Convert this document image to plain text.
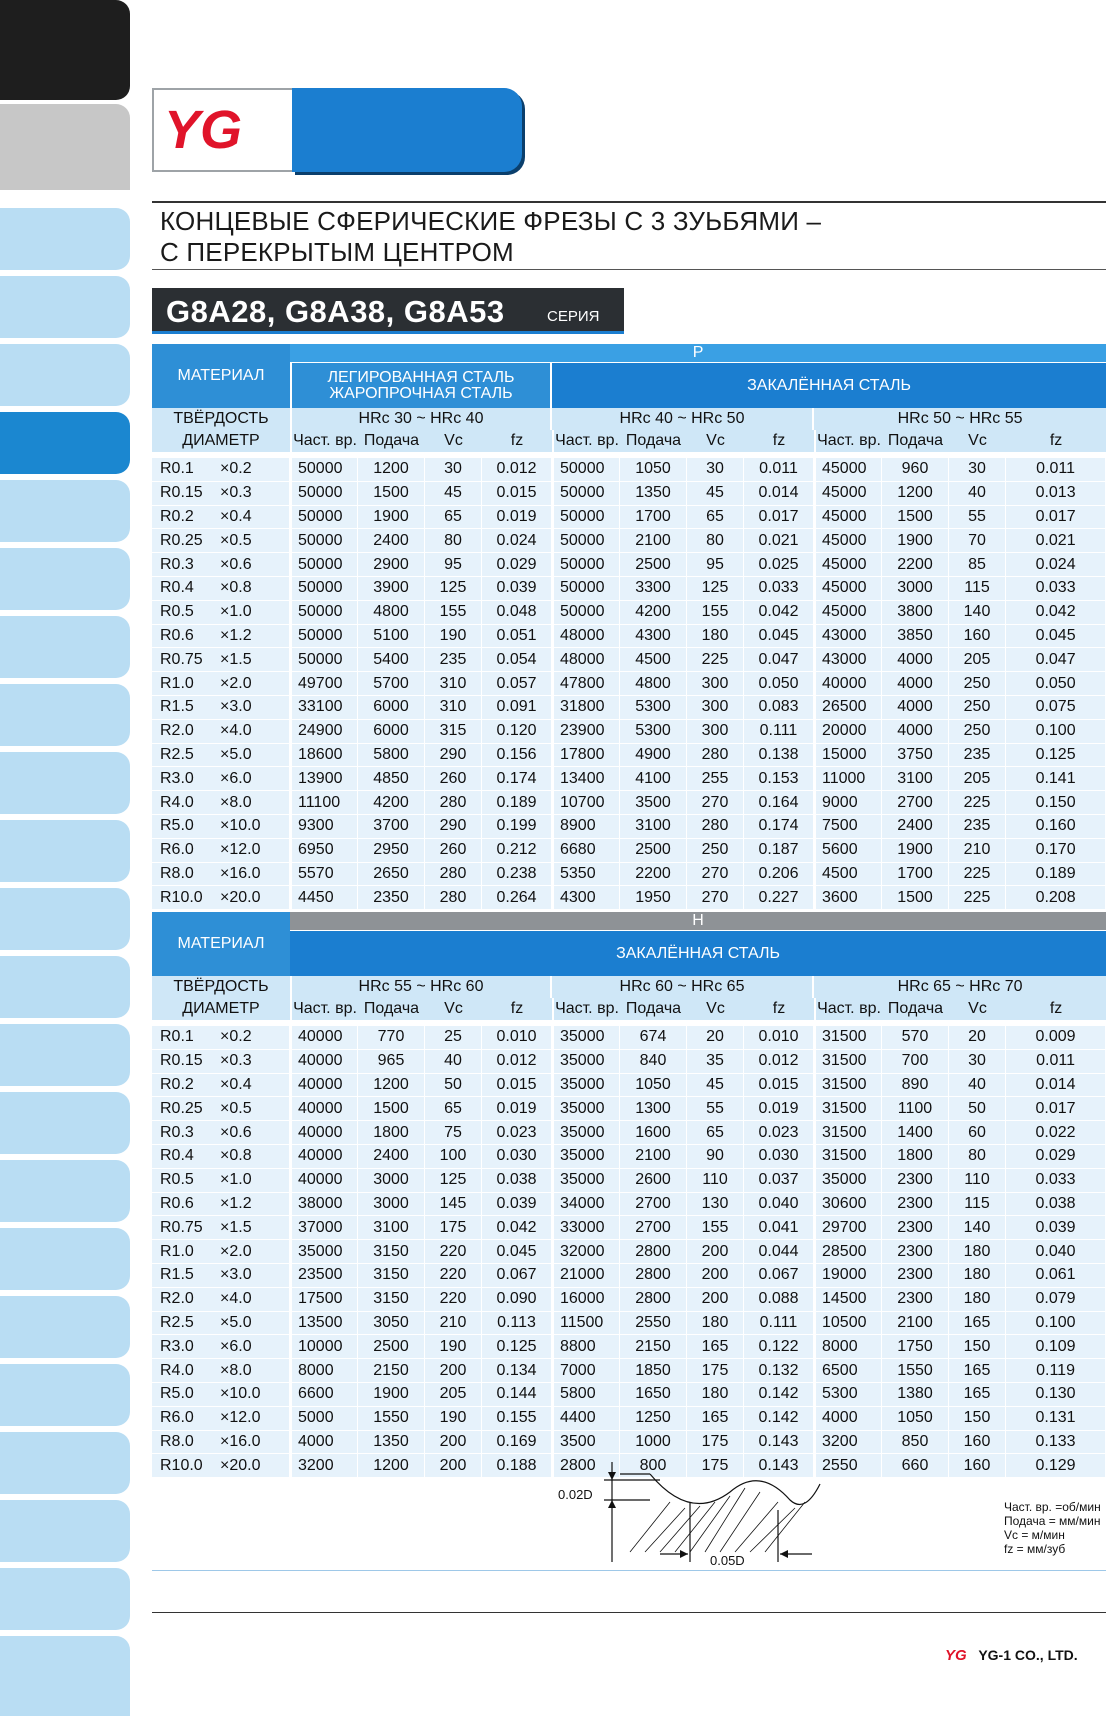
YG
КОНЦЕВЫЕ СФЕРИЧЕСКИЕ ФРЕЗЫ С 3 ЗУЬБЯМИ –
С ПЕРЕКРЫТЫМ ЦЕНТРОМ
G8A28, G8A38, G8A53	СЕРИЯ
МАТЕРИАЛ	P											
	ЛЕГИРОВАННАЯ СТАЛЬ
ЖАРОПРОЧНАЯ СТАЛЬ				ЗАКАЛЁННАЯ СТАЛЬ							
ТВЁРДОСТЬ	HRc 30 ~ HRc 40				HRc 40 ~ HRc 50				HRc 50 ~ HRc 55			
ДИАМЕТР	Част. вр.	Подача	Vc	fz	Част. вр.	Подача	Vc	fz	Част. вр.	Подача	Vc	fz

R0.1 ×0.2	50000	1200	30	0.012	50000	1050	30	0.011	45000	960	30	0.011
R0.15 ×0.3	50000	1500	45	0.015	50000	1350	45	0.014	45000	1200	40	0.013
R0.2 ×0.4	50000	1900	65	0.019	50000	1700	65	0.017	45000	1500	55	0.017
R0.25 ×0.5	50000	2400	80	0.024	50000	2100	80	0.021	45000	1900	70	0.021
R0.3 ×0.6	50000	2900	95	0.029	50000	2500	95	0.025	45000	2200	85	0.024
R0.4 ×0.8	50000	3900	125	0.039	50000	3300	125	0.033	45000	3000	115	0.033
R0.5 ×1.0	50000	4800	155	0.048	50000	4200	155	0.042	45000	3800	140	0.042
R0.6 ×1.2	50000	5100	190	0.051	48000	4300	180	0.045	43000	3850	160	0.045
R0.75 ×1.5	50000	5400	235	0.054	48000	4500	225	0.047	43000	4000	205	0.047
R1.0 ×2.0	49700	5700	310	0.057	47800	4800	300	0.050	40000	4000	250	0.050
R1.5 ×3.0	33100	6000	310	0.091	31800	5300	300	0.083	26500	4000	250	0.075
R2.0 ×4.0	24900	6000	315	0.120	23900	5300	300	0.111	20000	4000	250	0.100
R2.5 ×5.0	18600	5800	290	0.156	17800	4900	280	0.138	15000	3750	235	0.125
R3.0 ×6.0	13900	4850	260	0.174	13400	4100	255	0.153	11000	3100	205	0.141
R4.0 ×8.0	11100	4200	280	0.189	10700	3500	270	0.164	9000	2700	225	0.150
R5.0 ×10.0	9300	3700	290	0.199	8900	3100	280	0.174	7500	2400	235	0.160
R6.0 ×12.0	6950	2950	260	0.212	6680	2500	250	0.187	5600	1900	210	0.170
R8.0 ×16.0	5570	2650	280	0.238	5350	2200	270	0.206	4500	1700	225	0.189
R10.0 ×20.0	4450	2350	280	0.264	4300	1950	270	0.227	3600	1500	225	0.208
МАТЕРИАЛ	H											
	ЗАКАЛЁННАЯ СТАЛЬ											
ТВЁРДОСТЬ	HRc 55 ~ HRc 60				HRc 60 ~ HRc 65				HRc 65 ~ HRc 70			
ДИАМЕТР	Част. вр.	Подача	Vc	fz	Част. вр.	Подача	Vc	fz	Част. вр.	Подача	Vc	fz

R0.1 ×0.2	40000	770	25	0.010	35000	674	20	0.010	31500	570	20	0.009
R0.15 ×0.3	40000	965	40	0.012	35000	840	35	0.012	31500	700	30	0.011
R0.2 ×0.4	40000	1200	50	0.015	35000	1050	45	0.015	31500	890	40	0.014
R0.25 ×0.5	40000	1500	65	0.019	35000	1300	55	0.019	31500	1100	50	0.017
R0.3 ×0.6	40000	1800	75	0.023	35000	1600	65	0.023	31500	1400	60	0.022
R0.4 ×0.8	40000	2400	100	0.030	35000	2100	90	0.030	31500	1800	80	0.029
R0.5 ×1.0	40000	3000	125	0.038	35000	2600	110	0.037	35000	2300	110	0.033
R0.6 ×1.2	38000	3000	145	0.039	34000	2700	130	0.040	30600	2300	115	0.038
R0.75 ×1.5	37000	3100	175	0.042	33000	2700	155	0.041	29700	2300	140	0.039
R1.0 ×2.0	35000	3150	220	0.045	32000	2800	200	0.044	28500	2300	180	0.040
R1.5 ×3.0	23500	3150	220	0.067	21000	2800	200	0.067	19000	2300	180	0.061
R2.0 ×4.0	17500	3150	220	0.090	16000	2800	200	0.088	14500	2300	180	0.079
R2.5 ×5.0	13500	3050	210	0.113	11500	2550	180	0.111	10500	2100	165	0.100
R3.0 ×6.0	10000	2500	190	0.125	8800	2150	165	0.122	8000	1750	150	0.109
R4.0 ×8.0	8000	2150	200	0.134	7000	1850	175	0.132	6500	1550	165	0.119
R5.0 ×10.0	6600	1900	205	0.144	5800	1650	180	0.142	5300	1380	165	0.130
R6.0 ×12.0	5000	1550	190	0.155	4400	1250	165	0.142	4000	1050	150	0.131
R8.0 ×16.0	4000	1350	200	0.169	3500	1000	175	0.143	3200	850	160	0.133
R10.0 ×20.0	3200	1200	200	0.188	2800	800	175	0.143	2550	660	160	0.129
0.02D
0.05D
Част. вр. =об/мин
Подача = мм/мин
Vc = м/мин
fz = мм/зуб
YG YG-1 CO., LTD.
